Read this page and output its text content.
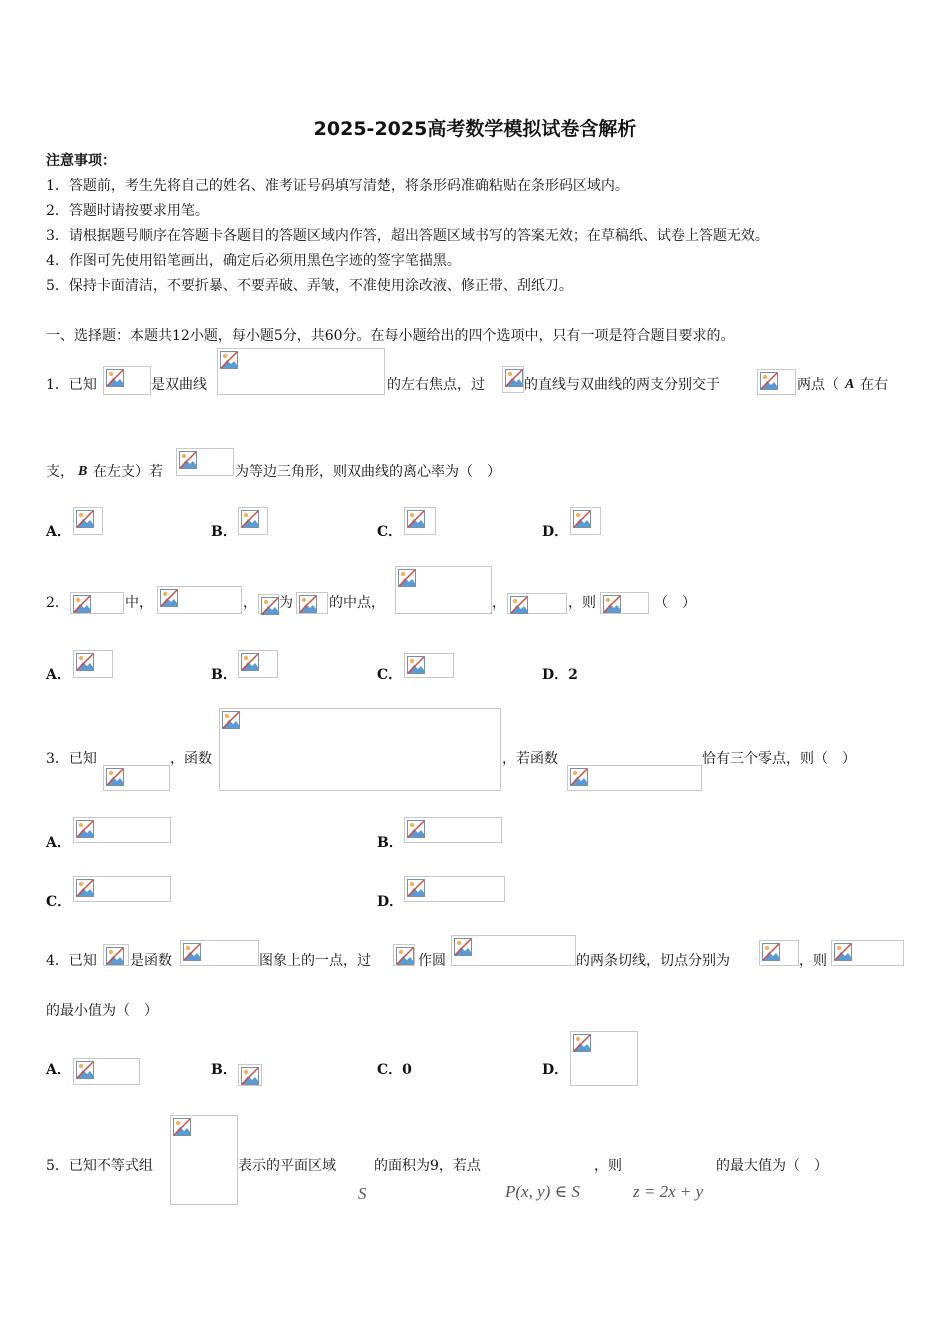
2025-2025高考数学模拟试卷含解析
注意事项：
1．答题前，考生先将自己的姓名、准考证号码填写清楚，将条形码准确粘贴在条形码区域内。
2．答题时请按要求用笔。
3．请根据题号顺序在答题卡各题目的答题区域内作答，超出答题区域书写的答案无效；在草稿纸、试卷上答题无效。
4．作图可先使用铅笔画出，确定后必须用黑色字迹的签字笔描黑。
5．保持卡面清洁，不要折暴、不要弄破、弄皱，不准使用涂改液、修正带、刮纸刀。
一、选择题：本题共12小题，每小题5分，共60分。在每小题给出的四个选项中，只有一项是符合题目要求的。
1．已知	是双曲线	的左右焦点，过	的直线与双曲线的两支分别交于	两点（ A 在右
支， B 在左支）若	为等边三角形，则双曲线的离心率为（　）
A．	B．	C．	D．
2．	中，	， 为	的中点，	，	，则	（　）
A．	B．	C．	D．2
3．已知	，函数	，若函数	恰有三个零点，则（　）
A．	B．
C．	D．
4．已知 是函数	图象上的一点，过	作圆	的两条切线，切点分别为	，则
的最小值为（　）
A．	B．	C．0	D．
5．已知不等式组	表示的平面区域	的面积为9，若点	，则	的最大值为（　）
S	P(x, y) ∈ S	z = 2x + y
